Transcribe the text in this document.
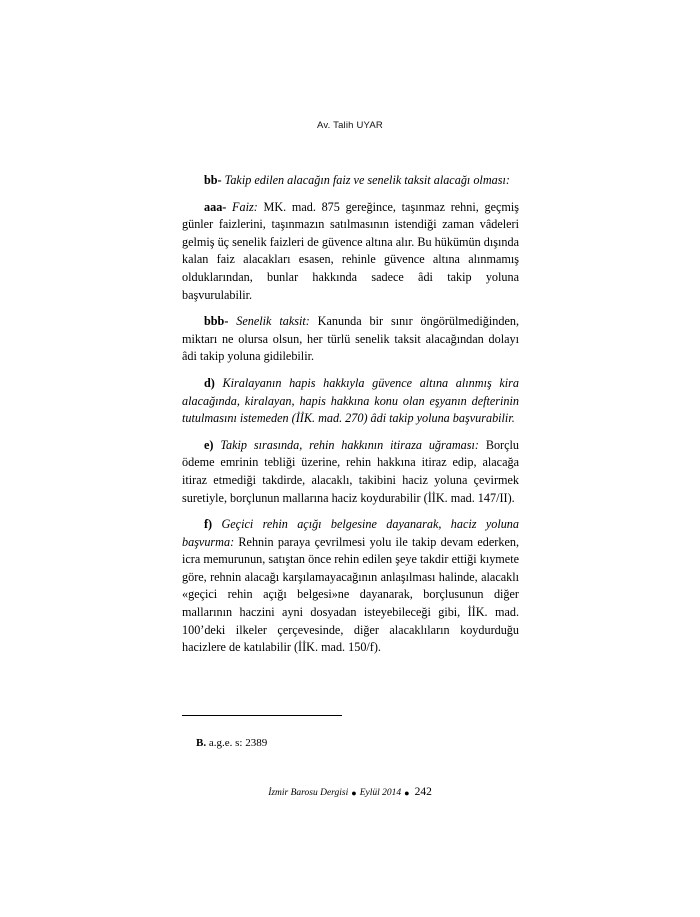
Av. Talih UYAR

bb- Takip edilen alacağın faiz ve senelik taksit alacağı olması:

aaa- Faiz: MK. mad. 875 gereğince, taşınmaz rehni, geçmiş günler faizlerini, taşınmazın satılmasının istendiği zaman vâdeleri gelmiş üç senelik faizleri de güvence altına alır. Bu hükümün dışında kalan faiz alacakları esasen, rehinle güvence altına alınmamış olduklarından, bunlar hakkında sadece âdi takip yoluna başvurulabilir.

bbb- Senelik taksit: Kanunda bir sınır öngörülmediğinden, miktarı ne olursa olsun, her türlü senelik taksit alacağından dolayı âdi takip yoluna gidilebilir.

d) Kiralayanın hapis hakkıyla güvence altına alınmış kira alacağında, kiralayan, hapis hakkına konu olan eşyanın defterinin tutulmasını istemeden (İİK. mad. 270) âdi takip yoluna başvurabilir.

e) Takip sırasında, rehin hakkının itiraza uğraması: Borçlu ödeme emrinin tebliği üzerine, rehin hakkına itiraz edip, alacağa itiraz etmediği takdirde, alacaklı, takibini haciz yoluna çevirmek suretiyle, borçlunun mallarına haciz koydurabilir (İİK. mad. 147/II).

f) Geçici rehin açığı belgesine dayanarak, haciz yoluna başvurma: Rehnin paraya çevrilmesi yolu ile takip devam ederken, icra memurunun, satıştan önce rehin edilen şeye takdir ettiği kıymete göre, rehnin alacağı karşılamayacağının anlaşılması halinde, alacaklı «geçici rehin açığı belgesi»ne dayanarak, borçlusunun diğer mallarının haczini ayni dosyadan isteyebileceği gibi, İİK. mad. 100’deki ilkeler çerçevesinde, diğer alacaklıların koydurduğu hacizlere de katılabilir (İİK. mad. 150/f).

B. a.g.e. s: 2389
İzmir Barosu Dergisi ● Eylül 2014 ● 242
